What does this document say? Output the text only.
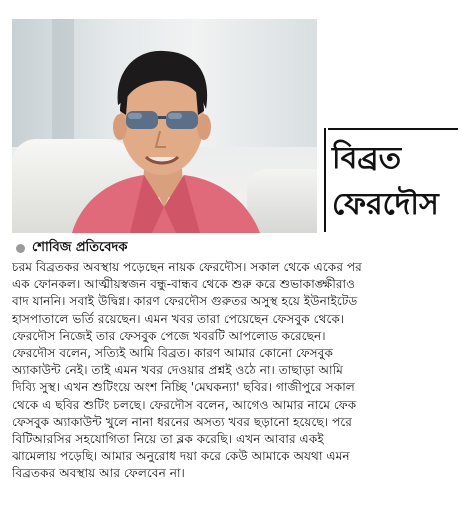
বিব্রত
ফেরদৌস
শোবিজ প্রতিবেদক
চরম বিব্রতকর অবস্থায় পড়েছেন নায়ক ফেরদৌস। সকাল থেকে একের পর
এক ফোনকল। আত্মীয়স্বজন বন্ধু-বান্ধব থেকে শুরু করে শুভাকাঙ্ক্ষীরাও
বাদ যাননি। সবাই উদ্বিগ্ন। কারণ ফেরদৌস গুরুতর অসুস্থ হয়ে ইউনাইটেড
হাসপাতালে ভর্তি রয়েছেন। এমন খবর তারা পেয়েছেন ফেসবুক থেকে।
ফেরদৌস নিজেই তার ফেসবুক পেজে খবরটি আপলোড করেছেন।
ফেরদৌস বলেন, সত্যিই আমি বিব্রত। কারণ আমার কোনো ফেসবুক
অ্যাকাউন্ট নেই। তাই এমন খবর দেওয়ার প্রশ্নই ওঠে না। তাছাড়া আমি
দিব্যি সুস্থ। এখন শুটিংয়ে অংশ নিচ্ছি 'মেঘকন্যা' ছবির। গাজীপুরে সকাল
থেকে এ ছবির শুটিং চলছে। ফেরদৌস বলেন, আগেও আমার নামে ফেক
ফেসবুক অ্যাকাউন্ট খুলে নানা ধরনের অসত্য খবর ছড়ানো হয়েছে। পরে
বিটিআরসির সহযোগিতা নিয়ে তা ব্লক করেছি। এখন আবার একই
ঝামেলায় পড়েছি। আমার অনুরোধ দয়া করে কেউ আমাকে অযথা এমন
বিব্রতকর অবস্থায় আর ফেলবেন না।
